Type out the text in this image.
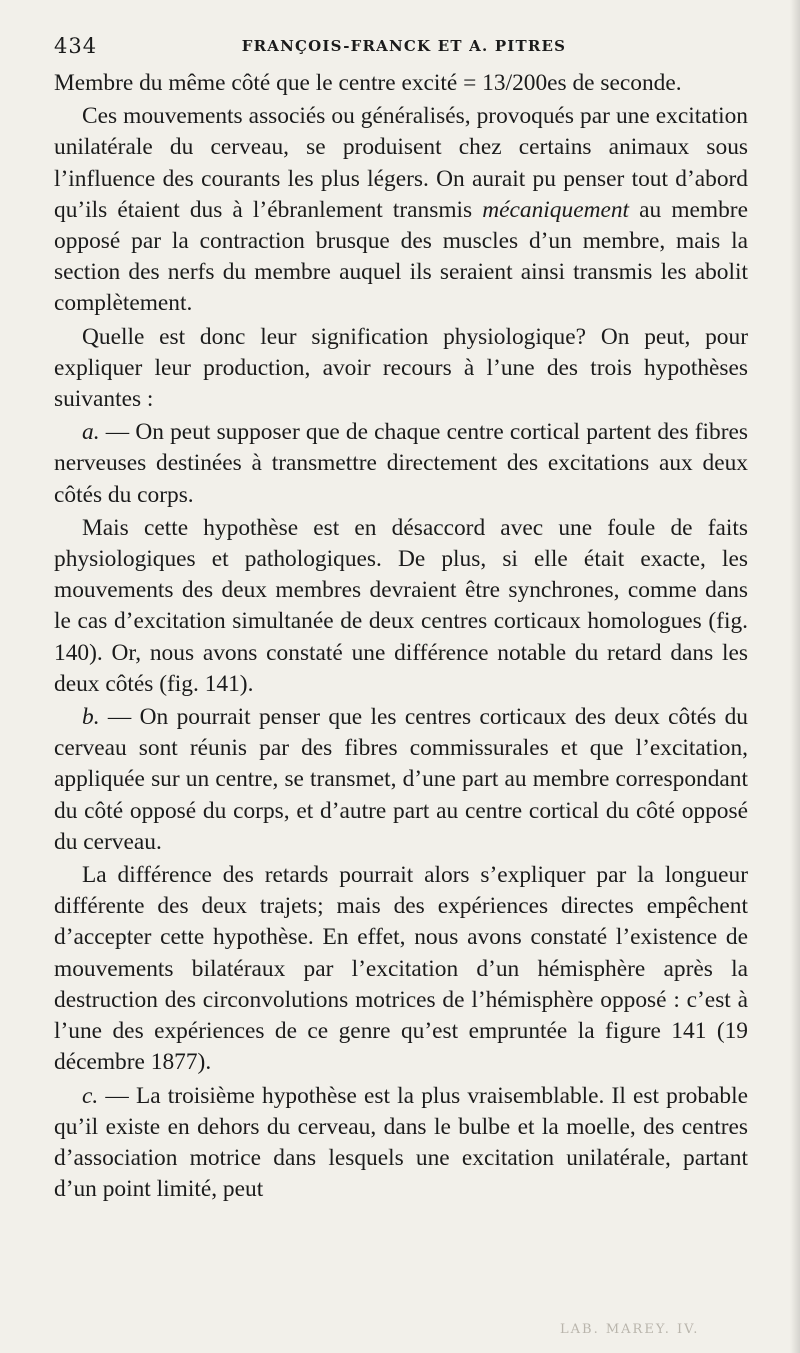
434	FRANÇOIS-FRANCK ET A. PITRES

Membre du même côté que le centre excité = 13/200es de seconde.

Ces mouvements associés ou généralisés, provoqués par une excitation unilatérale du cerveau, se produisent chez certains animaux sous l’influence des courants les plus légers. On aurait pu penser tout d’abord qu’ils étaient dus à l’ébranlement transmis mécaniquement au membre opposé par la contraction brusque des muscles d’un membre, mais la section des nerfs du membre auquel ils seraient ainsi transmis les abolit complètement.

Quelle est donc leur signification physiologique? On peut, pour expliquer leur production, avoir recours à l’une des trois hypothèses suivantes :

a. — On peut supposer que de chaque centre cortical partent des fibres nerveuses destinées à transmettre directement des excitations aux deux côtés du corps.

Mais cette hypothèse est en désaccord avec une foule de faits physiologiques et pathologiques. De plus, si elle était exacte, les mouvements des deux membres devraient être synchrones, comme dans le cas d’excitation simultanée de deux centres corticaux homologues (fig. 140). Or, nous avons constaté une différence notable du retard dans les deux côtés (fig. 141).

b. — On pourrait penser que les centres corticaux des deux côtés du cerveau sont réunis par des fibres commissurales et que l’excitation, appliquée sur un centre, se transmet, d’une part au membre correspondant du côté opposé du corps, et d’autre part au centre cortical du côté opposé du cerveau.

La différence des retards pourrait alors s’expliquer par la longueur différente des deux trajets; mais des expériences directes empêchent d’accepter cette hypothèse. En effet, nous avons constaté l’existence de mouvements bilatéraux par l’excitation d’un hémisphère après la destruction des circonvolutions motrices de l’hémisphère opposé : c’est à l’une des expériences de ce genre qu’est empruntée la figure 141 (19 décembre 1877).

c. — La troisième hypothèse est la plus vraisemblable. Il est probable qu’il existe en dehors du cerveau, dans le bulbe et la moelle, des centres d’association motrice dans lesquels une excitation unilatérale, partant d’un point limité, peut

LAB. MAREY. IV.
